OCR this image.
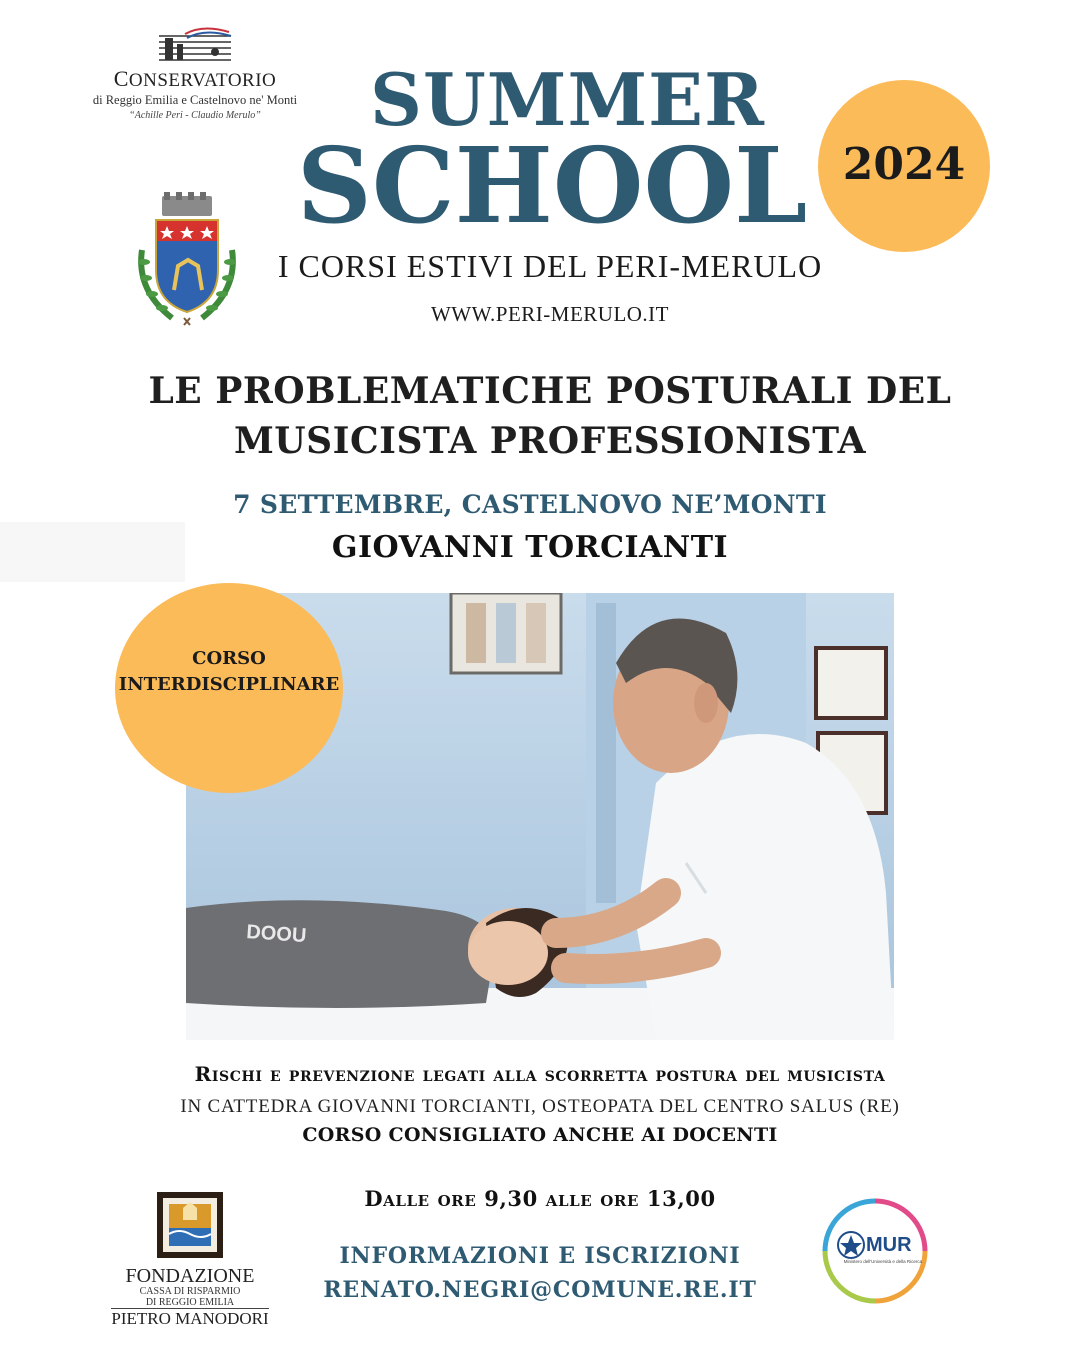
CONSERVATORIO
di Reggio Emilia e Castelnovo ne' Monti
“Achille Peri - Claudio Merulo”	SUMMER
SCHOOL 2024
I CORSI ESTIVI DEL PERI-MERULO
WWW.PERI-MERULO.IT
LE PROBLEMATICHE POSTURALI DEL
MUSICISTA PROFESSIONISTA
7 SETTEMBRE, CASTELNOVO NE’MONTI
GIOVANNI TORCIANTI
DOOU
CORSO
INTERDISCIPLINARE
Rischi e prevenzione legati alla scorretta postura del musicista
IN CATTEDRA GIOVANNI TORCIANTI, OSTEOPATA DEL CENTRO SALUS (RE)
CORSO CONSIGLIATO ANCHE AI DOCENTI
Dalle ore 9,30 alle ore 13,00
INFORMAZIONI E ISCRIZIONI
RENATO.NEGRI@COMUNE.RE.IT
FONDAZIONE
CASSA DI RISPARMIO
DI REGGIO EMILIA
PIETRO MANODORI
MUR
Ministero dell'Università e della Ricerca
